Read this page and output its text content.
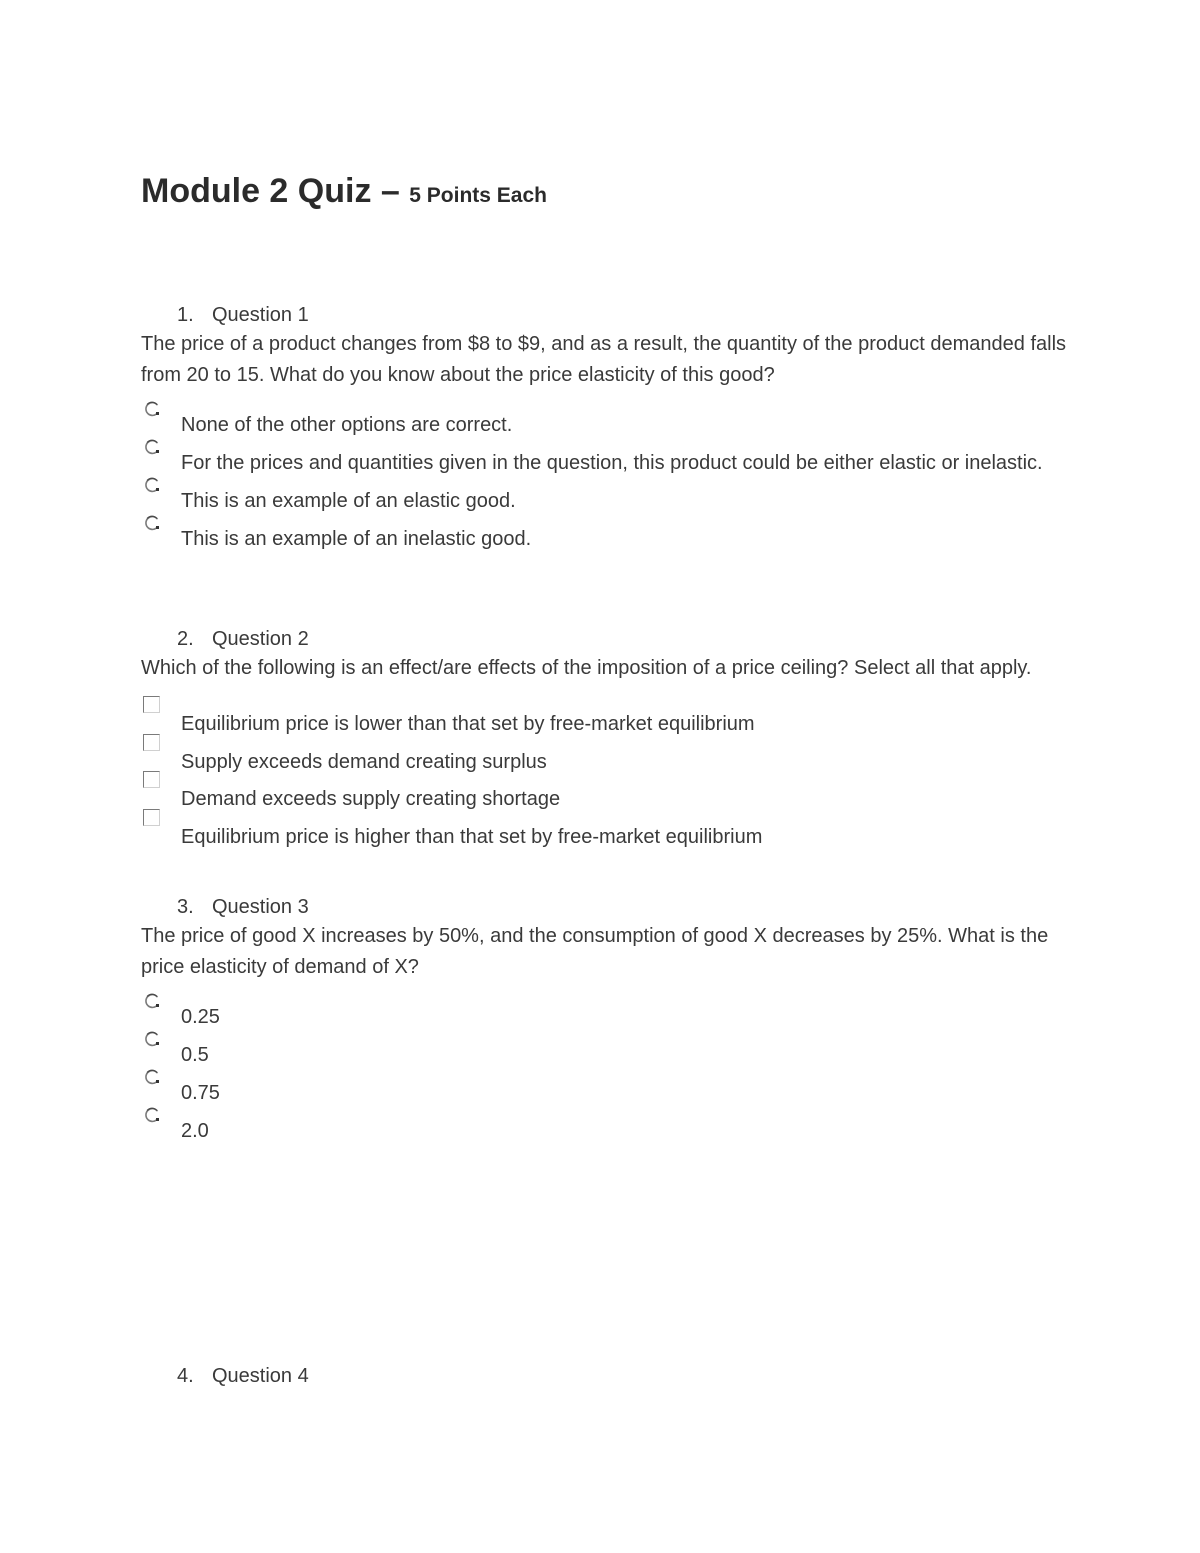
Module 2 Quiz – 5 Points Each
1. Question 1

The price of a product changes from $8 to $9, and as a result, the quantity of the product demanded falls from 20 to 15. What do you know about the price elasticity of this good?

None of the other options are correct.
For the prices and quantities given in the question, this product could be either elastic or inelastic.
This is an example of an elastic good.
This is an example of an inelastic good.
2. Question 2

Which of the following is an effect/are effects of the imposition of a price ceiling? Select all that apply.

Equilibrium price is lower than that set by free-market equilibrium
Supply exceeds demand creating surplus
Demand exceeds supply creating shortage
Equilibrium price is higher than that set by free-market equilibrium
3. Question 3

The price of good X increases by 50%, and the consumption of good X decreases by 25%. What is the price elasticity of demand of X?

0.25
0.5
0.75
2.0
4. Question 4
